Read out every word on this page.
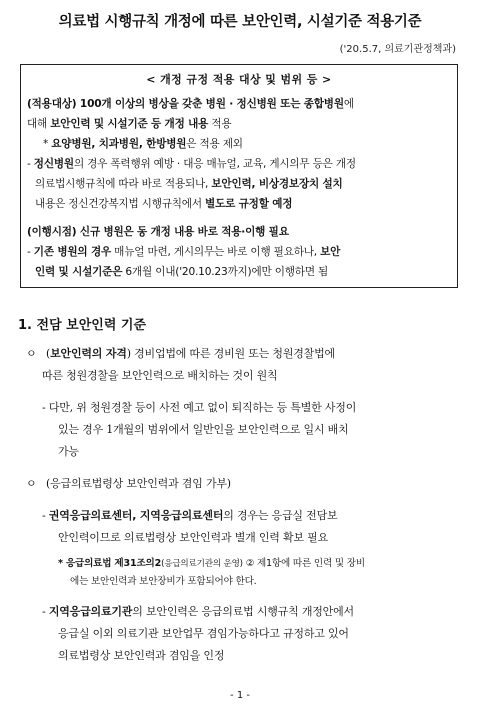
의료법 시행규칙 개정에 따른 보안인력, 시설기준 적용기준
('20.5.7, 의료기관정책과)
< 개정 규정 적용 대상 및 범위 등 >
(적용대상) 100개 이상의 병상을 갖춘 병원 · 정신병원 또는 종합병원에
대해 보안인력 및 시설기준 등 개정 내용 적용
* 요양병원, 치과병원, 한방병원은 적용 제외
- 정신병원의 경우 폭력행위 예방 · 대응 매뉴얼, 교육, 게시의무 등은 개정
의료법시행규칙에 따라 바로 적용되나, 보안인력, 비상경보장치 설치
내용은 정신건강복지법 시행규칙에서 별도로 규정할 예정
(이행시점) 신규 병원은 동 개정 내용 바로 적용·이행 필요
- 기존 병원의 경우 매뉴얼 마련, 게시의무는 바로 이행 필요하나, 보안
인력 및 시설기준은 6개월 이내('20.10.23까지)에만 이행하면 됨
1. 전담 보안인력 기준
ㅇ (보안인력의 자격) 경비업법에 따른 경비원 또는 청원경찰법에
따른 청원경찰을 보안인력으로 배치하는 것이 원칙
- 다만, 위 청원경찰 등이 사전 예고 없이 퇴직하는 등 특별한 사정이
있는 경우 1개월의 범위에서 일반인을 보안인력으로 일시 배치
가능
ㅇ (응급의료법령상 보안인력과 겸임 가부)
- 권역응급의료센터, 지역응급의료센터의 경우는 응급실 전담보
안인력이므로 의료법령상 보안인력과 별개 인력 확보 필요
* 응급의료법 제31조의2(응급의료기관의 운영) ② 제1항에 따른 인력 및 장비
에는 보안인력과 보안장비가 포함되어야 한다.
- 지역응급의료기관의 보안인력은 응급의료법 시행규칙 개정안에서
응급실 이외 의료기관 보안업무 겸임가능하다고 규정하고 있어
의료법령상 보안인력과 겸임을 인정
- 1 -
